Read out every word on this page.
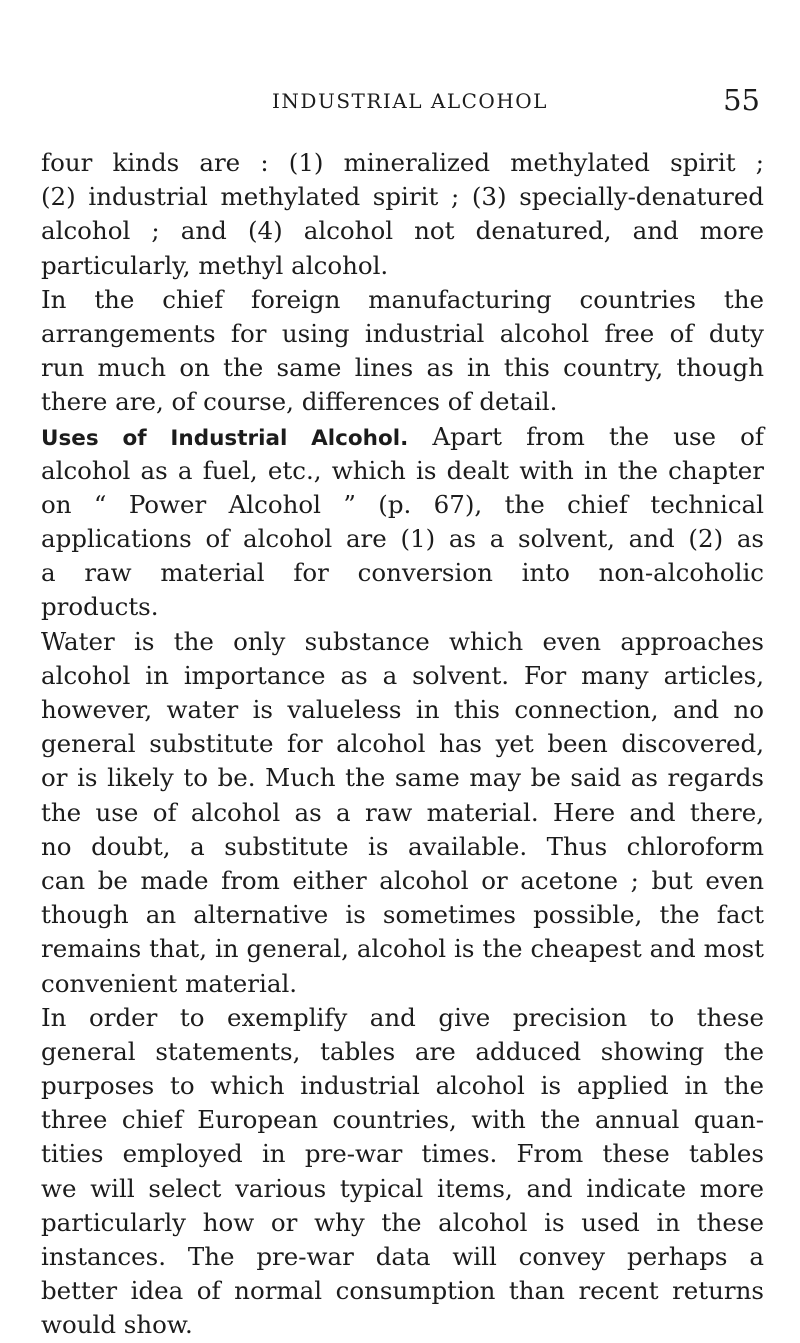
INDUSTRIAL ALCOHOL	55
four kinds are : (1) mineralized methylated spirit ;
(2) industrial methylated spirit ; (3) specially-denatured
alcohol ; and (4) alcohol not denatured, and more
particularly, methyl alcohol.
In the chief foreign manufacturing countries the
arrangements for using industrial alcohol free of duty
run much on the same lines as in this country, though
there are, of course, differences of detail.
Uses of Industrial Alcohol. Apart from the use of
alcohol as a fuel, etc., which is dealt with in the chapter
on “ Power Alcohol ” (p. 67), the chief technical
applications of alcohol are (1) as a solvent, and (2) as
a raw material for conversion into non-alcoholic
products.
Water is the only substance which even approaches
alcohol in importance as a solvent. For many articles,
however, water is valueless in this connection, and no
general substitute for alcohol has yet been discovered,
or is likely to be. Much the same may be said as regards
the use of alcohol as a raw material. Here and there,
no doubt, a substitute is available. Thus chloroform
can be made from either alcohol or acetone ; but even
though an alternative is sometimes possible, the fact
remains that, in general, alcohol is the cheapest and most
convenient material.
In order to exemplify and give precision to these
general statements, tables are adduced showing the
purposes to which industrial alcohol is applied in the
three chief European countries, with the annual quan-
tities employed in pre-war times. From these tables
we will select various typical items, and indicate more
particularly how or why the alcohol is used in these
instances. The pre-war data will convey perhaps a
better idea of normal consumption than recent returns
would show.
